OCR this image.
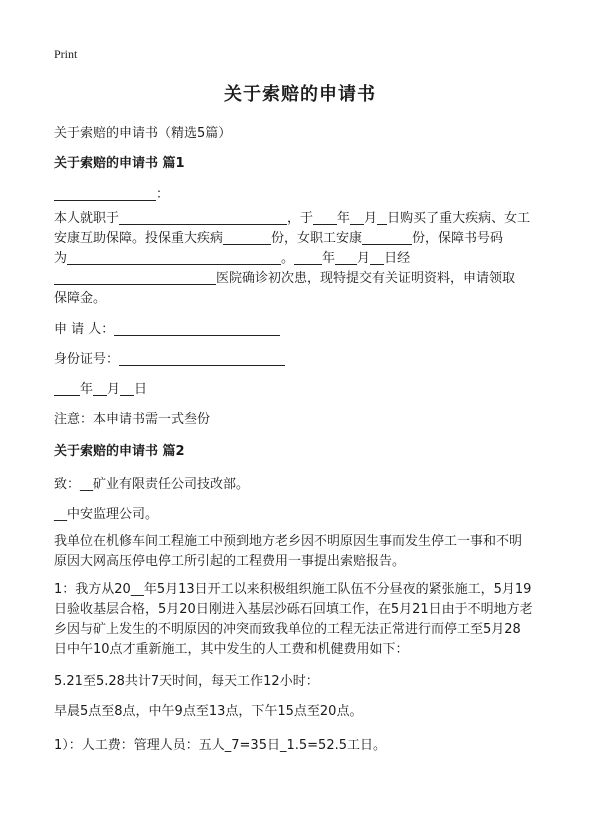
Print
关于索赔的申请书
关于索赔的申请书（精选5篇）
关于索赔的申请书 篇1
：
本人就职于	，于 年 月 日购买了重大疾病、女工
安康互助保障。投保重大疾病	份，女职工安康	份，保障书号码
为	。 年 月 日经
医院确诊初次患，现特提交有关证明资料，申请领取
保障金。
申 请 人：
身份证号：
年 月 日
注意：本申请书需一式叁份
关于索赔的申请书 篇2
致：__矿业有限责任公司技改部。
__中安监理公司。
我单位在机修车间工程施工中预到地方老乡因不明原因生事而发生停工一事和不明
原因大网高压停电停工所引起的工程费用一事提出索赔报告。
1：我方从20__年5月13日开工以来积极组织施工队伍不分昼夜的紧张施工，5月19
日验收基层合格，5月20日刚进入基层沙砾石回填工作，在5月21日由于不明地方老
乡因与矿上发生的不明原因的冲突而致我单位的工程无法正常进行而停工至5月28
日中午10点才重新施工，其中发生的人工费和机健费用如下：
5.21至5.28共计7天时间，每天工作12小时：
早晨5点至8点，中午9点至13点，下午15点至20点。
1）：人工费：管理人员：五人_7=35日_1.5=52.5工日。
